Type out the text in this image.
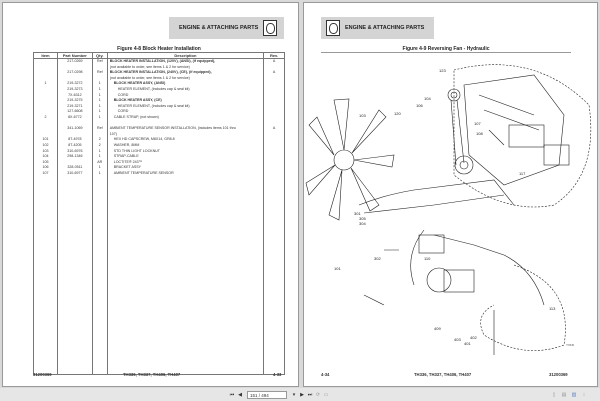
ENGINE & ATTACHING PARTS
Figure 4-8 Block Heater Installation
Item	Part Number	Qty.	Description	Rev.
	217-0269	Ref	BLOCK HEATER INSTALLATION, (120V), (ANSI), (if equipped),
(not available to order, see items 1 & 2 for service)	A
	217-0298	Ref	BLOCK HEATER INSTALLATION, (240V), (CE), (if equipped),
(not available to order, see items 1 & 2 for service)	A
1	219-3272	1	BLOCK HEATER ASSY, (ANSI)	
	219-3273	1	HEATER ELEMENT, (includes cap & seal kit)	
	7X-6312	1	CORD	
	219-3275	1	BLOCK HEATER ASSY, (CE)	
	219-3271	1	HEATER ELEMENT, (includes cap & seal kit)	
	127-6608	1	CORD	
2	8X-6772	1	CABLE STRAP, (not shown)	

	341-1069	Ref	AMBIENT TEMPERATURE SENSOR INSTALLATION, (includes items 101 thru
107)	A
101	8T-4978	2	HEX HD CAPSCREW, M8X14, GR8.8	
102	8T-4205	2	WASHER, 8MM	
103	310-6976	1	STD THIN LIGHT LOCKNUT	
104	298-1346	1	STRAP-CABLE	
105		AR	LOCTITE® 243™	
106	328-0511	1	BRACKET ASSY	
107	310-6977	1	AMBIENT TEMPERATURE SENSOR	

31200369	TH336, TH337, TH406, TH407	4-33
ENGINE & ATTACHING PARTS
Figure 4-9 Reversing Fan - Hydraulic
123
104
106
120
103
107
108
117
401
402
403
409
301
305
304
302
101
110
113
YVFD
4-34	TH336, TH337, TH406, TH407	31200369
⏮ ◀	151 / 494	▾ ▶ ⏭ ⟳ ▭	▯	▤	▥	↕
